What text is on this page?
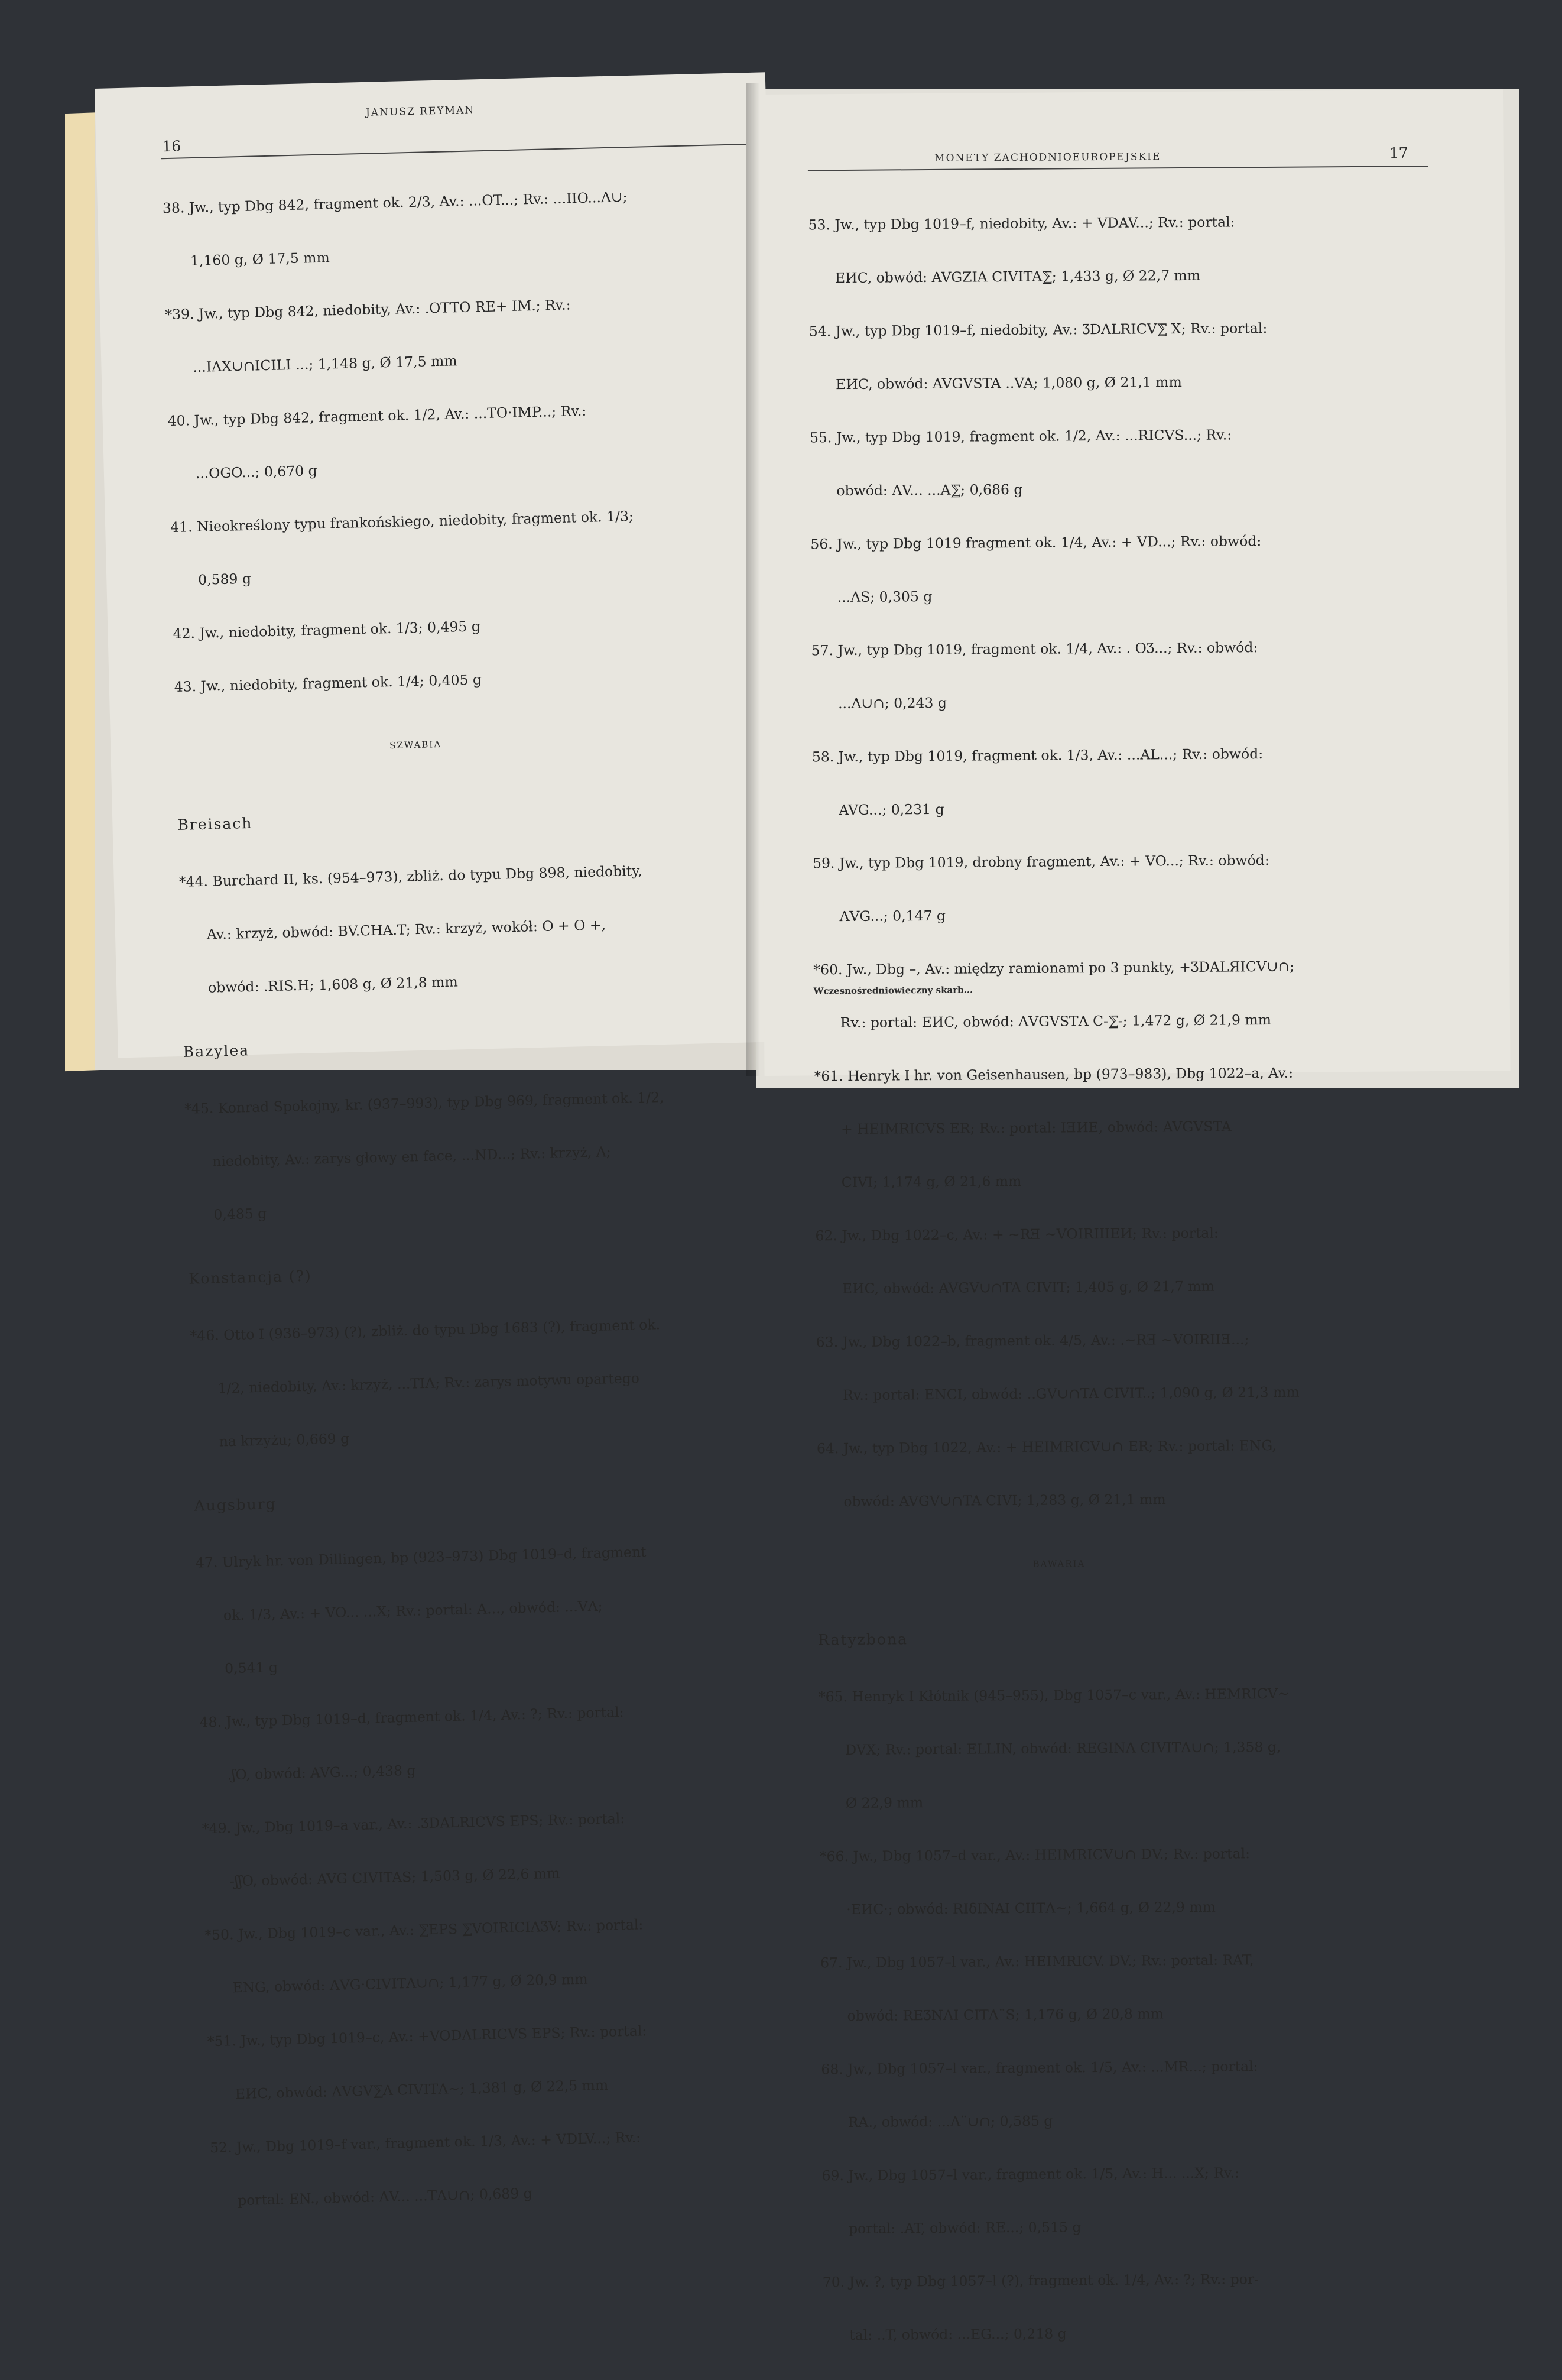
JANUSZ REYMAN
16

38. Jw., typ Dbg 842, fragment ok. 2/3, Av.: ...OT...; Rv.: ...IIO...Λ∪;

1,160 g, Ø 17,5 mm

*39. Jw., typ Dbg 842, niedobity, Av.: .OTTO RE+ IM.; Rv.:

...IΛX∪∩ICILI ...; 1,148 g, Ø 17,5 mm

40. Jw., typ Dbg 842, fragment ok. 1/2, Av.: ...TO·IMP...; Rv.:

...OGO...; 0,670 g

41. Nieokreślony typu frankońskiego, niedobity, fragment ok. 1/3;

0,589 g

42. Jw., niedobity, fragment ok. 1/3; 0,495 g

43. Jw., niedobity, fragment ok. 1/4; 0,405 g

SZWABIA

Breisach

*44. Burchard II, ks. (954–973), zbliż. do typu Dbg 898, niedobity,

Av.: krzyż, obwód: BV.CHA.T; Rv.: krzyż, wokół: O + O +,

obwód: .RIS.H; 1,608 g, Ø 21,8 mm

Bazylea

*45. Konrad Spokojny, kr. (937–993), typ Dbg 969, fragment ok. 1/2,

niedobity, Av.: zarys głowy en face, ...ND...; Rv.: krzyż, Λ;

0,485 g

Konstancja (?)

*46. Otto I (936–973) (?), zbliż. do typu Dbg 1683 (?), fragment ok.

1/2, niedobity, Av.: krzyż, ...TIΛ; Rv.: zarys motywu opartego

na krzyżu; 0,669 g

Augsburg

47. Ulryk hr. von Dillingen, bp (923–973) Dbg 1019–d, fragment

ok. 1/3, Av.: + VO... ...X; Rv.: portal: A..., obwód: ...VΛ;

0,541 g

48. Jw., typ Dbg 1019–d, fragment ok. 1/4, Av.: ?; Rv.: portal:

.ʃO, obwód: AVG...; 0,438 g

*49. Jw., Dbg 1019–a var., Av.: .ƷDALRICVS EPS; Rv.: portal:

-ʃʃO, obwód: AVG CIVITAS; 1,503 g, Ø 22,6 mm

*50. Jw., Dbg 1019–c var., Av.: ⅀EPS ⅀VOIRICIΛƷV; Rv.: portal:

ENG, obwód: ΛVG·CIVITΛ∪∩; 1,177 g, Ø 20,9 mm

*51. Jw., typ Dbg 1019–c, Av.: +VODΛLRICVS EPS; Rv.: portal:

EИC, obwód: ΛVGV⅀Λ CIVITΛ∼; 1,381 g, Ø 22,5 mm

52. Jw., Dbg 1019–f var., fragment ok. 1/3, Av.: + VDLV...; Rv.:

portal: EN., obwód: ΛV... ...TΛ∪∩; 0,689 g

MONETY ZACHODNIOEUROPEJSKIE	17

53. Jw., typ Dbg 1019–f, niedobity, Av.: + VDAV...; Rv.: portal:

EИC, obwód: AVGZIA CIVITA⅀; 1,433 g, Ø 22,7 mm

54. Jw., typ Dbg 1019–f, niedobity, Av.: ƷDΛLRICV⅀ X; Rv.: portal:

EИC, obwód: AVGVSTA ..VA; 1,080 g, Ø 21,1 mm

55. Jw., typ Dbg 1019, fragment ok. 1/2, Av.: ...RICVS...; Rv.:

obwód: ΛV... ...A⅀; 0,686 g

56. Jw., typ Dbg 1019 fragment ok. 1/4, Av.: + VD...; Rv.: obwód:

...ΛS; 0,305 g

57. Jw., typ Dbg 1019, fragment ok. 1/4, Av.: . OƷ...; Rv.: obwód:

...Λ∪∩; 0,243 g

58. Jw., typ Dbg 1019, fragment ok. 1/3, Av.: ...AL...; Rv.: obwód:

AVG...; 0,231 g

59. Jw., typ Dbg 1019, drobny fragment, Av.: + VO...; Rv.: obwód:

ΛVG...; 0,147 g

*60. Jw., Dbg –, Av.: między ramionami po 3 punkty, +ƷDALЯICV∪∩;

Rv.: portal: EИC, obwód: ΛVGVSTΛ C-⅀-; 1,472 g, Ø 21,9 mm

*61. Henryk I hr. von Geisenhausen, bp (973–983), Dbg 1022–a, Av.:

+ HEIMRICVS ER; Rv.: portal: IƎИE, obwód: AVGVSTA

CIVI; 1,174 g, Ø 21,6 mm

62. Jw., Dbg 1022–c, Av.: + ∼RƎ ∼VOIRIIIEИ; Rv.: portal:

EИC, obwód: AVGV∪∩TA CIVIT; 1,405 g, Ø 21,7 mm

63. Jw., Dbg 1022–b, fragment ok. 4/5, Av.: .∼RƎ ∼VOIRIIƎ...;

Rv.: portal: ENCI, obwód: ..GV∪∩TA CIVIT..; 1,090 g, Ø 21,3 mm

64. Jw., typ Dbg 1022, Av.: + HEIMRICV∪∩ ER; Rv.: portal: ENG,

obwód: AVGV∪∩TA CIVI; 1,283 g, Ø 21,1 mm

BAWARIA

Ratyzbona

*65. Henryk I Kłótnik (945–955), Dbg 1057–c var., Av.: HEMRICV∼

DVX; Rv.: portal: ELLIN, obwód: REGINΛ CIVITΛ∪∩; 1,358 g,

Ø 22,9 mm

*66. Jw., Dbg 1057–d var., Av.: HEIMRICV∪∩ DV.; Rv.: portal:

·EИC·; obwód: RIδINAI CIITΛ∼; 1,664 g, Ø 22,9 mm

67. Jw., Dbg 1057–l var., Av.: HEIMRICV. DV.; Rv.: portal: RAT,

obwód: REƷNΛI CITΛ¨S; 1,176 g, Ø 20,8 mm

68. Jw., Dbg 1057–l var., fragment ok. 1/5, Av.: ...MR...; portal:

RA., obwód: ...Λ¨∪∩; 0,585 g

69. Jw., Dbg 1057–l var., fragment ok. 1/5, Av.: H... ...X; Rv.:

portal: .AT, obwód: RE...; 0,515 g

70. Jw. ?, typ Dbg 1057–l (?), fragment ok. 1/4, Av.: ?; Rv.: por-

tal: ..T, obwód: ...EG...; 0,218 g

Wczesnośredniowieczny skarb...
